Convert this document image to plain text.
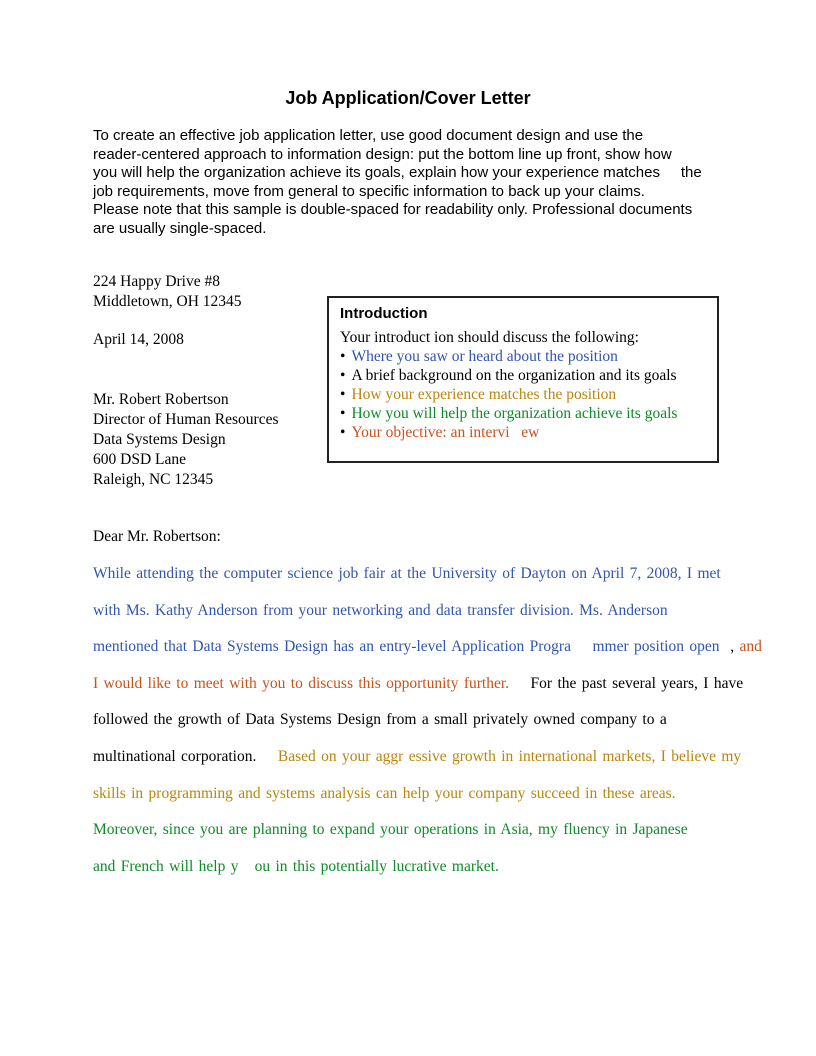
Job Application/Cover Letter
To create an effective job application letter, use good document design and use the
reader-centered approach to information design: put the bottom line up front, show how
you will help the organization achieve its goals, explain how your experience matches     the
job requirements, move from general to specific information to back up your claims.
Please note that this sample is double-spaced for readability only. Professional documents
are usually single-spaced.
224 Happy Drive #8
Middletown, OH 12345
April 14, 2008
Mr. Robert Robertson
Director of Human Resources
Data Systems Design
600 DSD Lane
Raleigh, NC 12345
Introduction
Your introduct ion should discuss the following:
• Where you saw or heard about the position
• A brief background on the organization and its goals
• How your experience matches the position
• How you will help the organization achieve its goals
• Your objective: an intervi   ew
Dear Mr. Robertson:
While attending the computer science job fair at the University of Dayton on April 7, 2008, I met
with Ms. Kathy Anderson from your networking and data transfer division. Ms. Anderson
mentioned that Data Systems Design has an entry-level Application Progra    mmer position open  , and
I would like to meet with you to discuss this opportunity further.    For the past several years, I have
followed the growth of Data Systems Design from a small privately owned company to a
multinational corporation.    Based on your aggr essive growth in international markets, I believe my
skills in programming and systems analysis can help your company succeed in these areas.
Moreover, since you are planning to expand your operations in Asia, my fluency in Japanese
and French will help y   ou in this potentially lucrative market.
